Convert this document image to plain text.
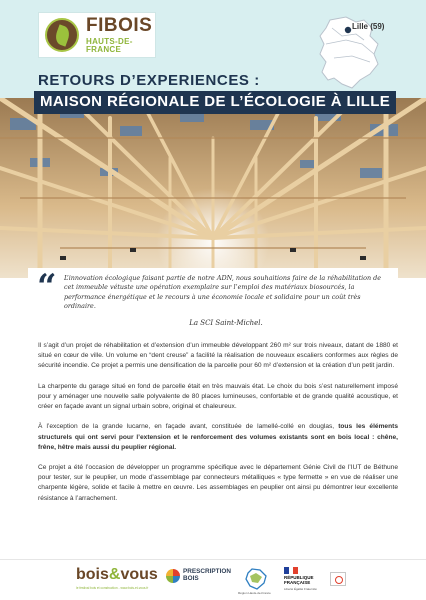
FIBOIS
HAUTS-DE-FRANCE
Lille (59)
RETOURS D’EXPERIENCES :
MAISON RÉGIONALE DE L’ÉCOLOGIE À LILLE
“ L’innovation écologique faisant partie de notre ADN, nous souhaitions faire de la réhabilitation de cet immeuble vétuste une opération exemplaire sur l’emploi des matériaux biosourcés, la performance énergétique et le recours à une économie locale et solidaire pour un coût très ordinaire.
La SCI Saint-Michel.

Il s’agit d’un projet de réhabilitation et d’extension d’un immeuble développant 260 m² sur trois niveaux, datant de 1880 et situé en cœur de ville. Un volume en “dent creuse” a facilité la réalisation de nouveaux escaliers conformes aux règles de sécurité incendie. Ce projet a permis une densification de la parcelle pour 60 m² d’extension et la création d’un petit jardin.

La charpente du garage situé en fond de parcelle était en très mauvais état. Le choix du bois s’est naturellement imposé pour y aménager une nouvelle salle polyvalente de 80 places lumineuses, confortable et de grande qualité acoustique, et créer en façade avant un signal urbain sobre, original et chaleureux.

À l’exception de la grande lucarne, en façade avant, constituée de lamellé-collé en douglas, tous les éléments structurels qui ont servi pour l’extension et le renforcement des volumes existants sont en bois local : chêne, frêne, hêtre mais aussi du peuplier régional.

Ce projet a été l’occasion de développer un programme spécifique avec le département Génie Civil de l’IUT de Béthune pour tester, sur le peuplier, un mode d’assemblage par connecteurs métalliques « type fermette » en vue de réaliser une charpente légère, solide et facile à mettre en œuvre. Les assemblages en peuplier ont ainsi pu démontrer leur excellente résistance à l’arrachement.

bois&vous
le festival bois et construction - www.bois-et-vous.fr
PRESCRIPTION
BOIS
Région Hauts-de-France
RÉPUBLIQUE
FRANÇAISE
Liberté Égalité Fraternité
